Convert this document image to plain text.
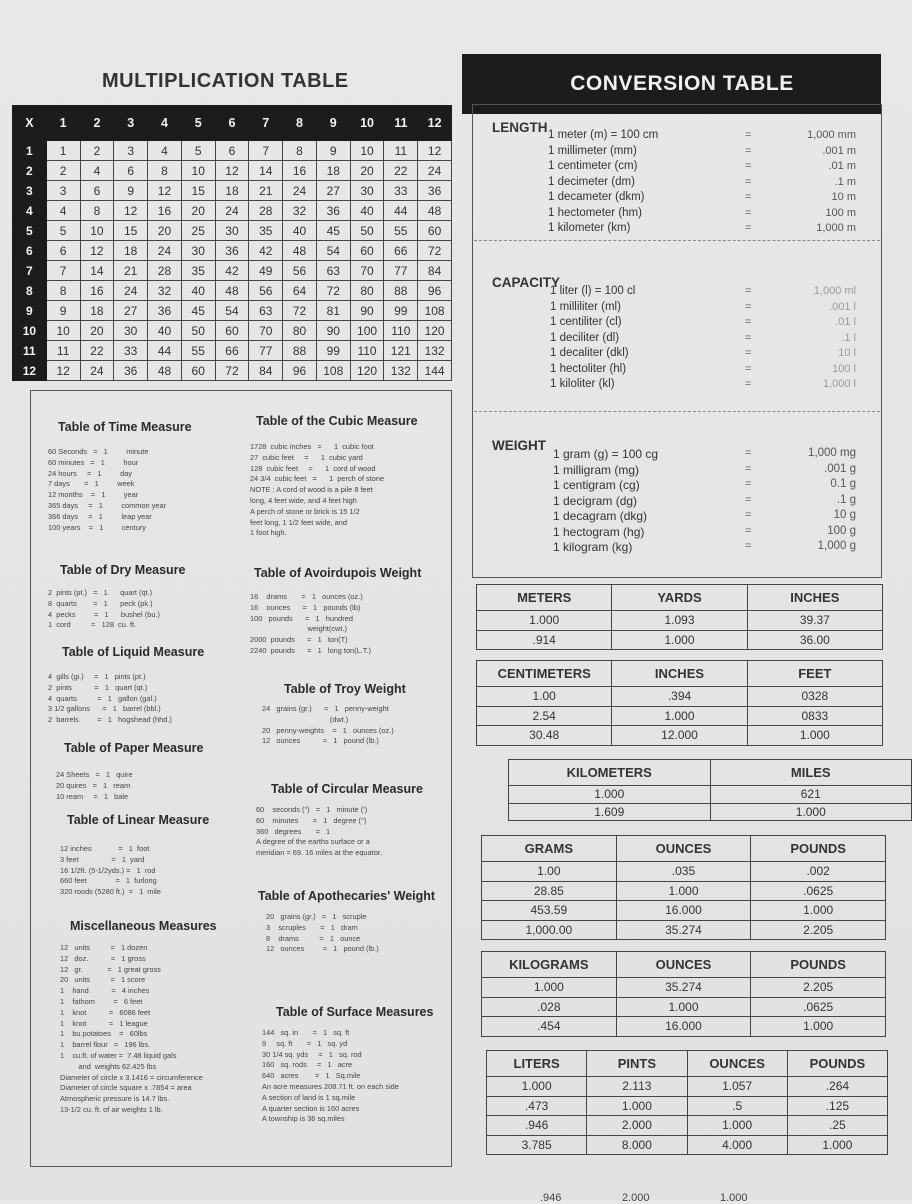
MULTIPLICATION TABLE
X	1	2	3	4	5	6	7	8	9	10	11	12
1	1	2	3	4	5	6	7	8	9	10	11	12
2	2	4	6	8	10	12	14	16	18	20	22	24
3	3	6	9	12	15	18	21	24	27	30	33	36
4	4	8	12	16	20	24	28	32	36	40	44	48
5	5	10	15	20	25	30	35	40	45	50	55	60
6	6	12	18	24	30	36	42	48	54	60	66	72
7	7	14	21	28	35	42	49	56	63	70	77	84
8	8	16	24	32	40	48	56	64	72	80	88	96
9	9	18	27	36	45	54	63	72	81	90	99	108
10	10	20	30	40	50	60	70	80	90	100	110	120
11	11	22	33	44	55	66	77	88	99	110	121	132
12	12	24	36	48	60	72	84	96	108	120	132	144
CONVERSION TABLE
LENGTH 1 meter (m) = 100 cm	=	1,000 mm
1 millimeter (mm)	=	.001 m
1 centimeter (cm)	=	.01 m
1 decimeter (dm)	=	.1 m
1 decameter (dkm)	=	10 m
1 hectometer (hm)	=	100 m
1 kilometer (km)	=	1,000 m
CAPACITY
1 liter (l) = 100 cl	=	1,000 ml
1 milliliter (ml)	=	.001 l
1 centiliter (cl)	=	.01 l
1 deciliter (dl)	=	.1 l
1 decaliter (dkl)	=	10 l
1 hectoliter (hl)	=	100 l
1 kiloliter (kl)	=	1,000 l
WEIGHT
1 gram (g) = 100 cg	=	1,000 mg
1 milligram (mg)	=	.001 g
1 centigram (cg)	=	0.1 g
1 decigram (dg)	=	.1 g
1 decagram (dkg)	=	10 g
1 hectogram (hg)	=	100 g
1 kilogram (kg)	=	1,000 g
METERS	YARDS	INCHES
1.000	1.093	39.37
.914	1.000	36.00
CENTIMETERS	INCHES	FEET
1.00	.394	0328
2.54	1.000	0833
30.48	12.000	1.000
KILOMETERS	MILES
1.000	621
1.609	1.000
GRAMS	OUNCES	POUNDS
1.00	.035	.002
28.85	1.000	.0625
453.59	16.000	1.000
1,000.00	35.274	2.205
KILOGRAMS	OUNCES	POUNDS
1.000	35.274	2.205
.028	1.000	.0625
.454	16.000	1.000
LITERS	PINTS	OUNCES	POUNDS
1.000	2.113	1.057	.264
.473	1.000	.5	.125
.946	2.000	1.000	.25
3.785	8.000	4.000	1.000
.946	2.000	1.000
Table of Time Measure
60 Seconds   =   1         minute
60 minutes   =   1         hour
24 hours     =   1         day
7 days       =   1         week
12 months    =   1         year
365 days     =   1         common year
366 days     =   1         leap year
100 years    =   1         century
Table of the Cubic Measure
1728  cubic inches   =      1  cubic foot
27  cubic feet     =      1  cubic yard
128  cubic feet     =      1  cord of wood
24 3/4  cubic feet   =      1  perch of stone
NOTE : A cord of wood is a pile 8 feet
long, 4 feet wide, and 4 feet high
A perch of stone or brick is 15 1/2
feet long, 1 1/2 feet wide, and
1 foot high.
Table of Dry Measure
2  pints (pt.)   =   1      quart (qt.)
8  quarts        =   1      peck (pk.)
4  pecks         =   1      bushel (bu.)
1  cord          =   128  cu. ft.
Table of Avoirdupois Weight
16    drams       =   1   ounces (oz.)
16    ounces      =   1   pounds (lb)
100   pounds      =   1   hundred
weight(cwt.)
2000  pounds      =   1   ton(T)
2240  pounds      =   1   long ton(L.T.)
Table of Liquid Measure
4  gills (gi.)     =   1   pints (pt.)
2  pints           =   1   quart (qt.)
4  quarts          =   1   gallon (gal.)
3 1/2 gallons      =   1   barrel (bbl.)
2  barrels         =   1   hogshead (hhd.)
Table of Troy Weight
24   grains (gr.)      =   1   penny-weight
(dwt.)
20   penny-weights    =   1   ounces (oz.)
12   ounces           =   1   pound (lb.)
Table of Paper Measure
24 Sheets   =   1   quire
20 quires   =   1   ream
10 ream     =   1   bale
Table of Circular Measure
60    seconds (")   =   1   minute (')
60    minutes       =   1   degree (°)
360   degrees       =   1
A degree of the earths surface or a
meridian = 69. 16 miles at the equator.
Table of Linear Measure
12 inches             =   1  foot
3 feet                =   1  yard
16 1/2ft. (5-1/2yds.) =   1  rod
660 feet              =   1  furlong
320 roods (5280 ft.)  =   1  mile	Table of Apothecaries' Weight
20   grains (gr.)   =   1   scruple
3    scruples       =   1   dram
8    drams          =   1   ounce
12   ounces         =   1   pound (lb.)
Miscellaneous Measures
12   units          =   1 dozen
12   doz.           =   1 gross
12   gr.            =   1 great gross
20   units          =   1 score
1    hand           =   4 inches
1    fathom         =   6 feet
1    knot           =   6086 feet
1    knot           =   1 league
1    bu.potatoes    =   60lbs
1    barrel flour   =   196 lbs.
1    cu.ft. of water =  7.48 liquid gals
and  weights 62.425 lbs
Diameter of circle x 3.1416 = circumference
Diameter of circle square x .7854 = area
Atmospheric pressure is 14.7 lbs.
13-1/2 cu. ft. of air weights 1 lb.
Table of Surface Measures
144   sq. in       =   1   sq. ft
9     sq. ft       =   1   sq. yd
30 1/4 sq. yds     =   1   sq. rod
160   sq. rods     =   1   acre
640   acres        =   1   Sq.mile
An acre measures 208.71 ft. on each side
A section of land is 1 sq.mile
A quarter section is 160 acres
A township is 36 sq.miles
